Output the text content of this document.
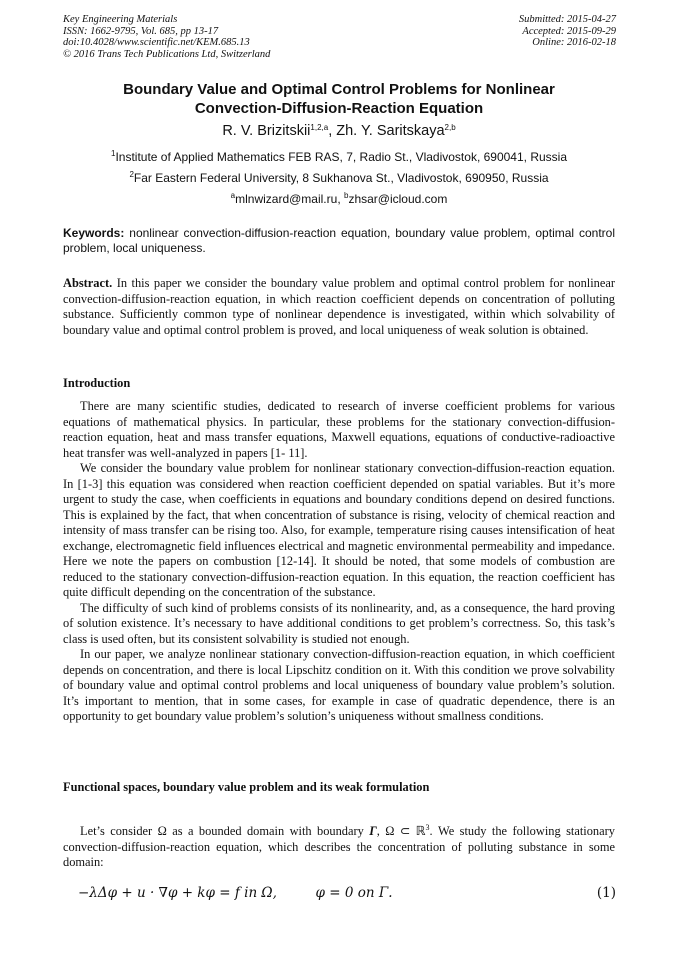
Key Engineering Materials
ISSN: 1662-9795, Vol. 685, pp 13-17
doi:10.4028/www.scientific.net/KEM.685.13
© 2016 Trans Tech Publications Ltd, Switzerland
Submitted: 2015-04-27
Accepted: 2015-09-29
Online: 2016-02-18
Boundary Value and Optimal Control Problems for Nonlinear
Convection-Diffusion-Reaction Equation
R. V. Brizitskii$^{1,2,a}$, Zh. Y. Saritskaya$^{2,b}$
$^1$Institute of Applied Mathematics FEB RAS, 7, Radio St., Vladivostok, 690041, Russia
$^2$Far Eastern Federal University, 8 Sukhanova St., Vladivostok, 690950, Russia
$^a$mlnwizard@mail.ru, $^b$zhsar@icloud.com
Keywords: nonlinear convection-diffusion-reaction equation, boundary value problem, optimal control problem, local uniqueness.
Abstract. In this paper we consider the boundary value problem and optimal control problem for nonlinear convection-diffusion-reaction equation, in which reaction coefficient depends on concentration of polluting substance. Sufficiently common type of nonlinear dependence is investigated, within which solvability of boundary value and optimal control problem is proved, and local uniqueness of weak solution is obtained.
Introduction

There are many scientific studies, dedicated to research of inverse coefficient problems for various equations of mathematical physics. In particular, these problems for the stationary convection-diffusion-reaction equation, heat and mass transfer equations, Maxwell equations, equations of conductive-radioactive heat transfer was well-analyzed in papers [1- 11].

We consider the boundary value problem for nonlinear stationary convection-diffusion-reaction equation. In [1-3] this equation was considered when reaction coefficient depended on spatial variables. But it’s more urgent to study the case, when coefficients in equations and boundary conditions depend on desired functions. This is explained by the fact, that when concentration of substance is rising, velocity of chemical reaction and intensity of mass transfer can be rising too. Also, for example, temperature rising causes intensification of heat exchange, electromagnetic field influences electrical and magnetic environmental permeability and impedance. Here we note the papers on combustion [12-14]. It should be noted, that some models of combustion are reduced to the stationary convection-diffusion-reaction equation. In this equation, the reaction coefficient has quite difficult depending on the concentration of the substance.

The difficulty of such kind of problems consists of its nonlinearity, and, as a consequence, the hard proving of solution existence. It’s necessary to have additional conditions to get problem’s correctness. So, this task’s class is used often, but its consistent solvability is studied not enough.

In our paper, we analyze nonlinear stationary convection-diffusion-reaction equation, in which coefficient depends on concentration, and there is local Lipschitz condition on it. With this condition we prove solvability of boundary value and optimal control problems and local uniqueness of boundary value problem’s solution. It’s important to mention, that in some cases, for example in case of quadratic dependence, there is an opportunity to get boundary value problem’s solution’s uniqueness without smallness conditions.

Functional spaces, boundary value problem and its weak formulation

Let’s consider Ω as a bounded domain with boundary Γ, Ω ⊂ ℝ$^3$. We study the following stationary convection-diffusion-reaction equation, which describes the concentration of polluting substance in some domain:

−λΔφ + u · ∇φ + kφ = f in Ω,	φ = 0 on Γ.	(1)
